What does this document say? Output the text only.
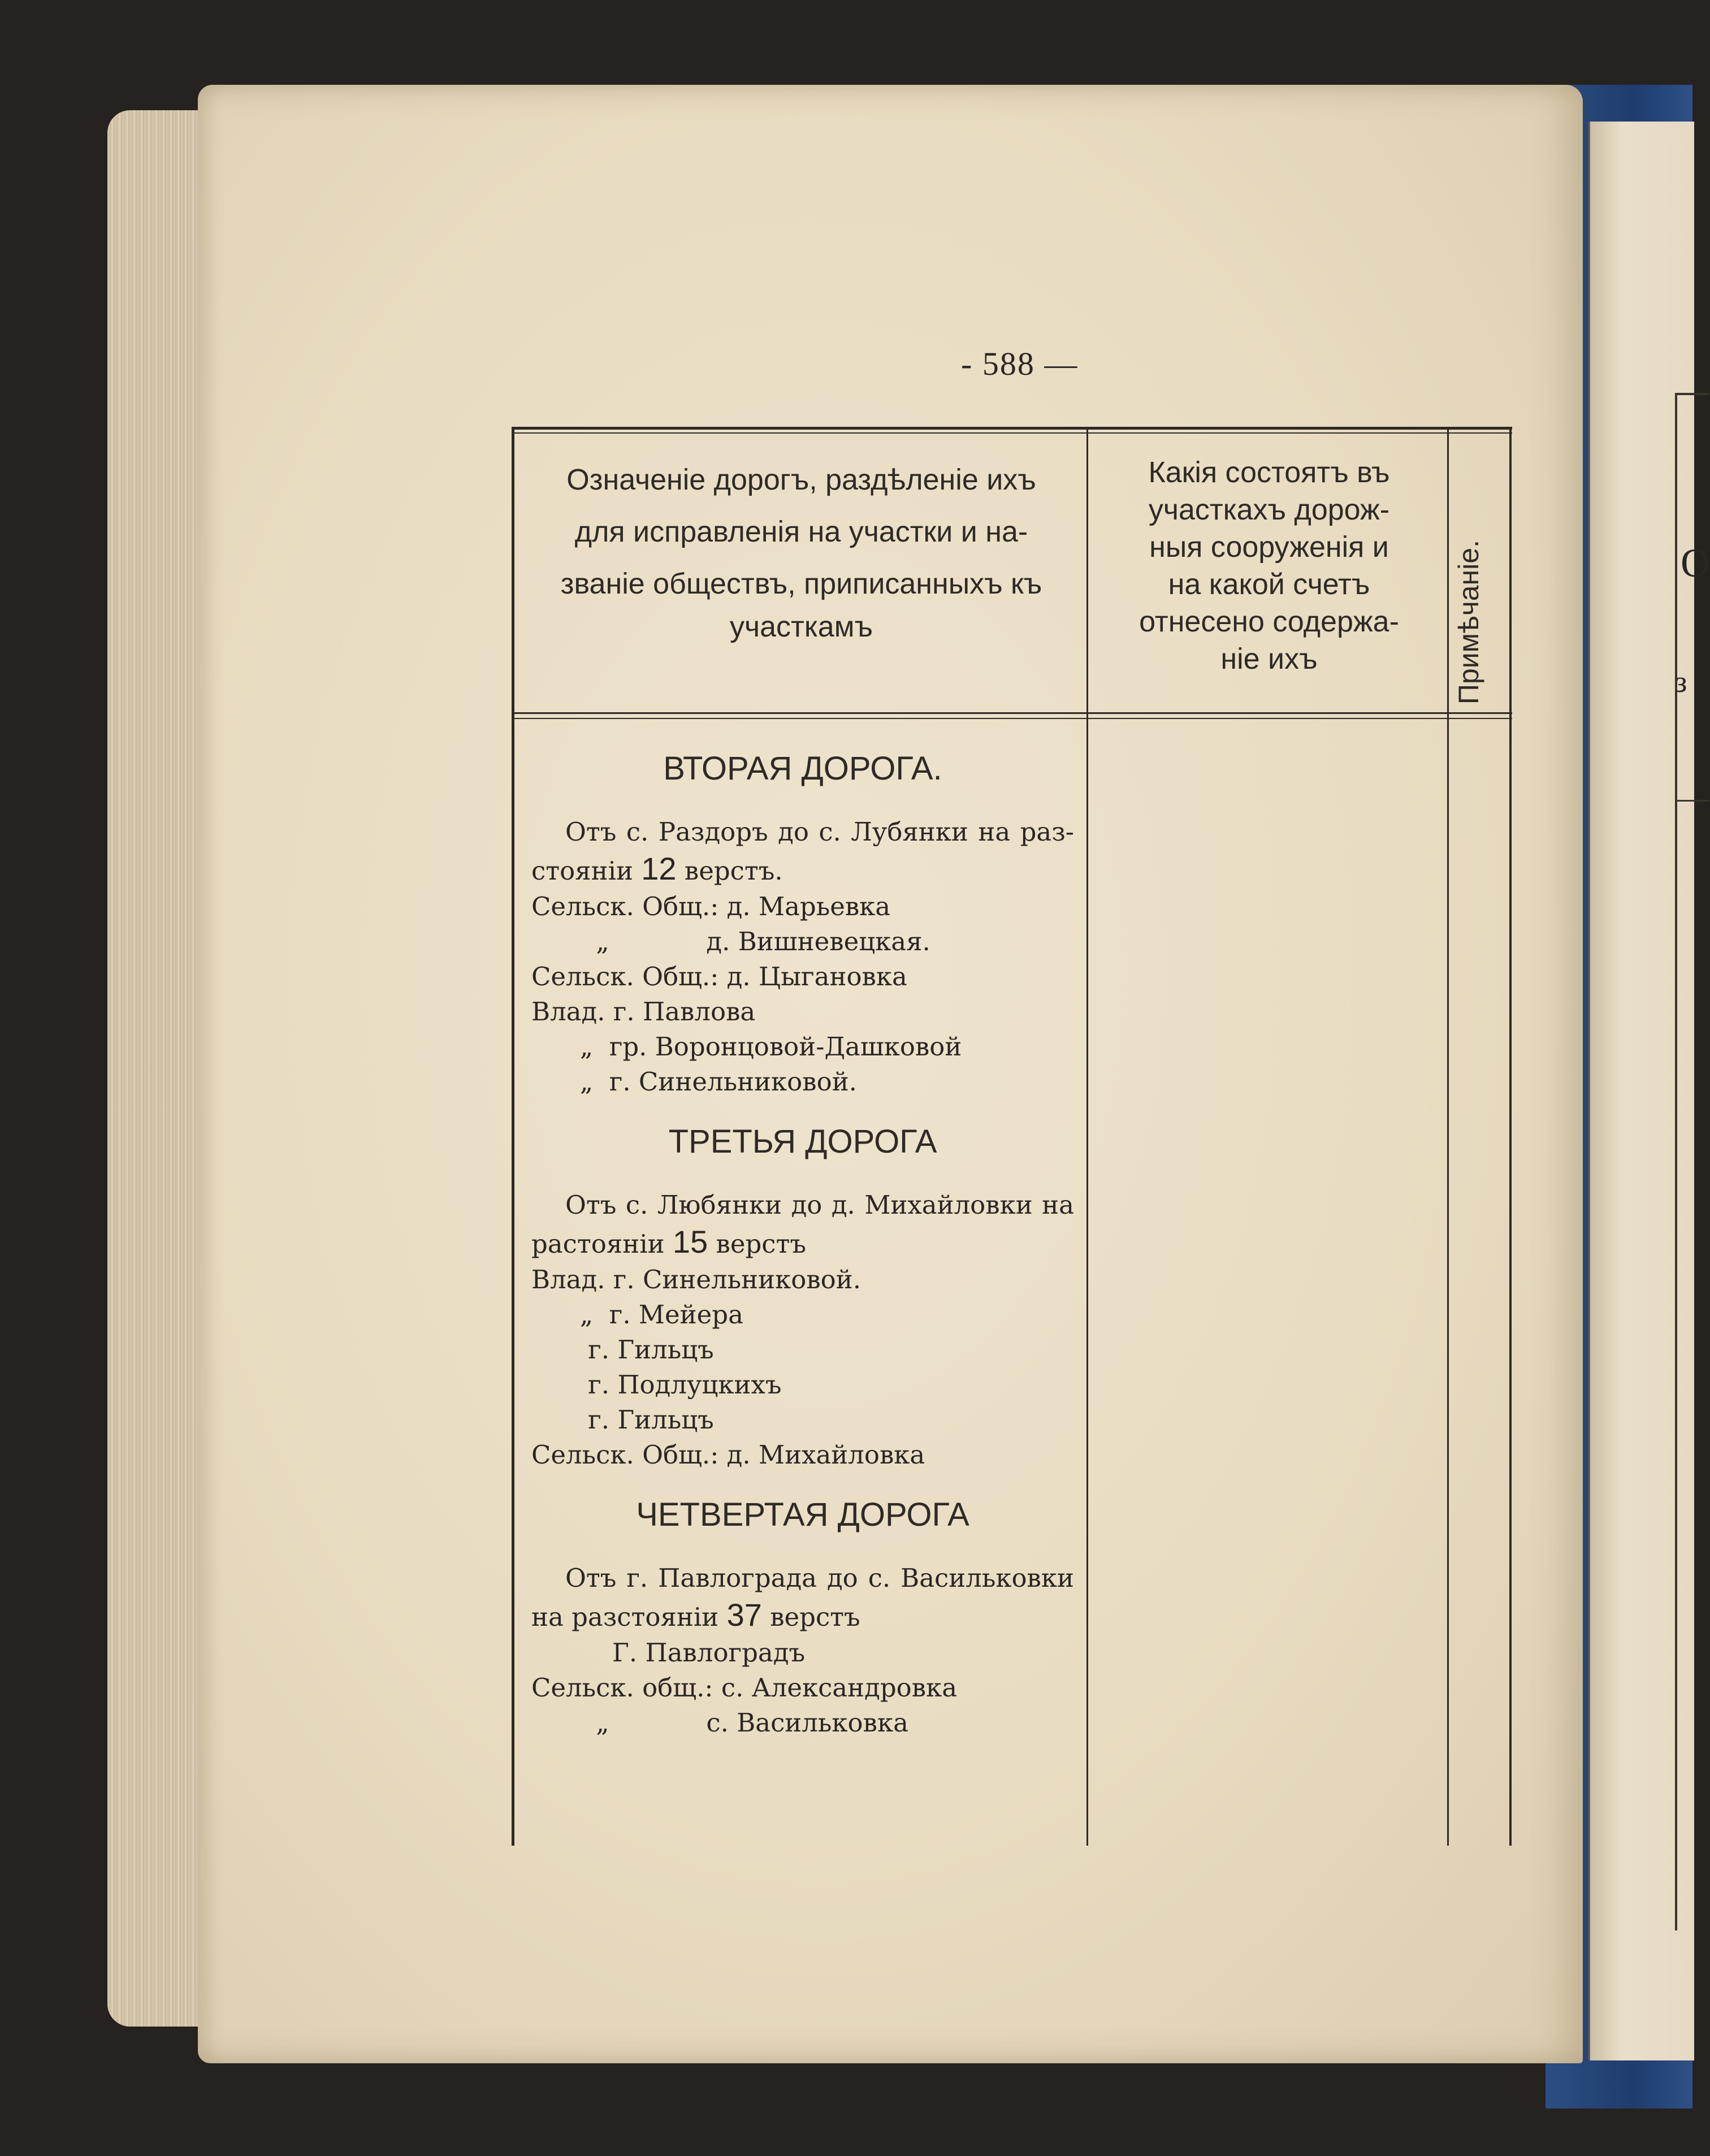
О
з
- 588 —
Означеніе дорогъ, раздѣленіе ихъ
для исправленія на участки и на-
званіе обществъ, приписанныхъ къ
участкамъ
Какія состоятъ въ
участкахъ дорож-
ныя сооруженія и
на какой счетъ
отнесено содержа-
ніе ихъ	Примѣчаніе.

ВТОРАЯ ДОРОГА.

Отъ с. Раздоръ до с. Лубянки на раз-стояніи 12 верстъ.

Сельск. Общ.: д. Марьевка
„            д. Вишневецкая.
Сельск. Общ.: д. Цыгановка
Влад. г. Павлова
„  гр. Воронцовой-Дашковой
„  г. Синельниковой.

ТРЕТЬЯ ДОРОГА

Отъ с. Любянки до д. Михайловки на растояніи 15 верстъ

Влад. г. Синельниковой.
„  г. Мейера
г. Гильцъ
г. Подлуцкихъ
г. Гильцъ
Сельск. Общ.: д. Михайловка

ЧЕТВЕРТАЯ ДОРОГА

Отъ г. Павлограда до с. Васильковки на разстояніи 37 верстъ

Г. Павлоградъ
Сельск. общ.: с. Александровка
„            с. Васильковка
